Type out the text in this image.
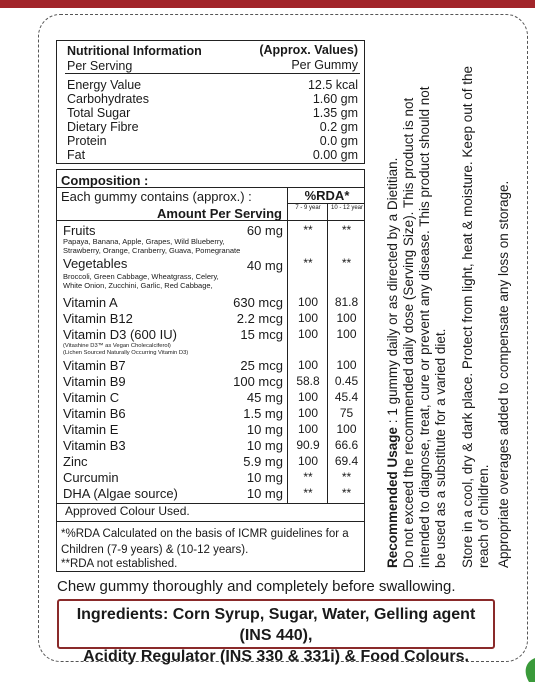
Nutritional Information	(Approx. Values)
Per Serving	Per Gummy
Energy Value	12.5 kcal
Carbohydrates	1.60 gm
Total Sugar	1.35 gm
Dietary Fibre	0.2 gm
Protein	0.0 gm
Fat	0.00 gm
Composition :
Each gummy contains (approx.) :	%RDA*
Amount Per Serving	7 - 9 year	10 - 12 year
Fruits	60 mg	**	**
Papaya, Banana, Apple, Grapes, Wild Blueberry,
Strawberry, Orange, Cranberry, Guava, Pomegranate
Vegetables	40 mg	**	**
Broccoli, Green Cabbage, Wheatgrass, Celery,
White Onion, Zucchini, Garlic, Red Cabbage,
Vitamin A	630 mcg	100	81.8
Vitamin B12	2.2 mcg	100	100
Vitamin D3 (600 IU)	15 mcg	100	100
(Vitashine D3™ as Vegan Cholecalciferol)
(Lichen Sourced Naturally Occurring Vitamin D3)
Vitamin B7	25 mcg	100	100
Vitamin B9	100 mcg	58.8	0.45
Vitamin C	45 mg	100	45.4
Vitamin B6	1.5 mg	100	75
Vitamin E	10 mg	100	100
Vitamin B3	10 mg	90.9	66.6
Zinc	5.9 mg	100	69.4
Curcumin	10 mg	**	**
DHA (Algae source)	10 mg	**	**
Approved Colour Used.
*%RDA Calculated on the basis of ICMR guidelines for a Children (7-9 years) & (10-12 years).
**RDA not established.
Chew gummy thoroughly and completely before swallowing.
Ingredients: Corn Syrup, Sugar, Water, Gelling agent (INS 440),
Acidity Regulator (INS 330 & 331i) & Food Colours.
Recommended Usage : 1 gummy daily or as directed by a Dietitian. Do not exceed the recommended daily dose (Serving Size). This product is not intended to diagnose, treat, cure or prevent any disease. This product should not be used as a substitute for a varied diet. Store in a cool, dry & dark place. Protect from light, heat & moisture. Keep out of the reach of children. Appropriate overages added to compensate any loss on storage.
